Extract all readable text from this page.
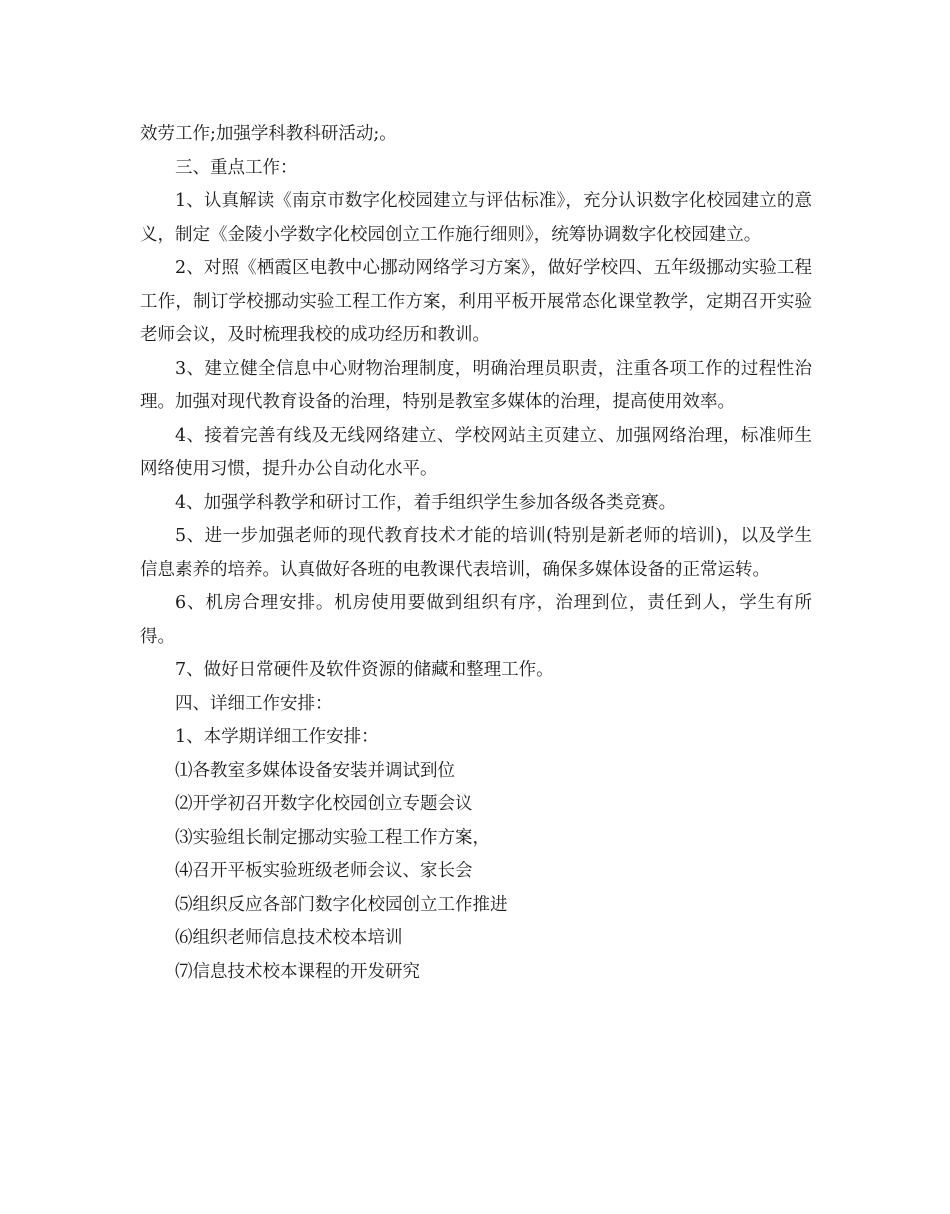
效劳工作;加强学科教科研活动;。

三、重点工作：

1、认真解读《南京市数字化校园建立与评估标准》，充分认识数字化校园建立的意义，制定《金陵小学数字化校园创立工作施行细则》，统筹协调数字化校园建立。

2、对照《栖霞区电教中心挪动网络学习方案》，做好学校四、五年级挪动实验工程工作，制订学校挪动实验工程工作方案，利用平板开展常态化课堂教学，定期召开实验老师会议，及时梳理我校的成功经历和教训。

3、建立健全信息中心财物治理制度，明确治理员职责，注重各项工作的过程性治理。加强对现代教育设备的治理，特别是教室多媒体的治理，提高使用效率。

4、接着完善有线及无线网络建立、学校网站主页建立、加强网络治理，标准师生网络使用习惯，提升办公自动化水平。

4、加强学科教学和研讨工作，着手组织学生参加各级各类竞赛。

5、进一步加强老师的现代教育技术才能的培训(特别是新老师的培训)，以及学生信息素养的培养。认真做好各班的电教课代表培训，确保多媒体设备的正常运转。

6、机房合理安排。机房使用要做到组织有序，治理到位，责任到人，学生有所得。

7、做好日常硬件及软件资源的储藏和整理工作。

四、详细工作安排：

1、本学期详细工作安排：

⑴各教室多媒体设备安装并调试到位

⑵开学初召开数字化校园创立专题会议

⑶实验组长制定挪动实验工程工作方案，

⑷召开平板实验班级老师会议、家长会

⑸组织反应各部门数字化校园创立工作推进

⑹组织老师信息技术校本培训

⑺信息技术校本课程的开发研究
